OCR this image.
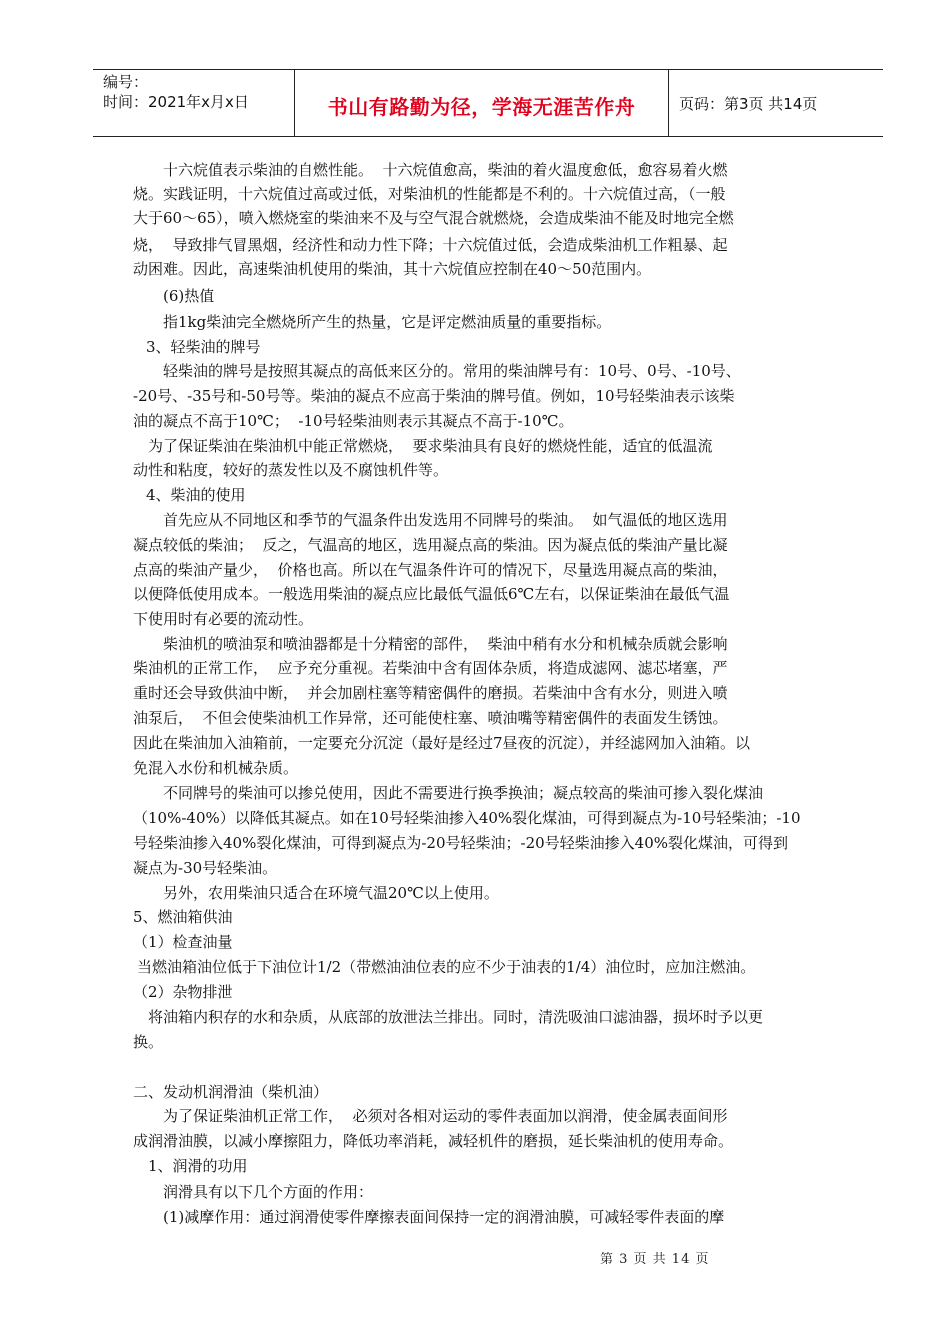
编号：
时间：2021年x月x日	书山有路勤为径，学海无涯苦作舟	页码：第3页 共14页
十六烷值表示柴油的自燃性能。  十六烷值愈高，柴油的着火温度愈低，愈容易着火燃
烧。实践证明，十六烷值过高或过低，对柴油机的性能都是不利的。十六烷值过高，（一般
大于60～65），喷入燃烧室的柴油来不及与空气混合就燃烧，会造成柴油不能及时地完全燃
烧，  导致排气冒黑烟，经济性和动力性下降；十六烷值过低，会造成柴油机工作粗暴、起
动困难。因此，高速柴油机使用的柴油，其十六烷值应控制在40～50范围内。
(6)热值
指1kg柴油完全燃烧所产生的热量，它是评定燃油质量的重要指标。
3、轻柴油的牌号
轻柴油的牌号是按照其凝点的高低来区分的。常用的柴油牌号有：10号、0号、-10号、
-20号、-35号和-50号等。柴油的凝点不应高于柴油的牌号值。例如，10号轻柴油表示该柴
油的凝点不高于10℃；  -10号轻柴油则表示其凝点不高于-10℃。
为了保证柴油在柴油机中能正常燃烧，  要求柴油具有良好的燃烧性能，适宜的低温流
动性和粘度，较好的蒸发性以及不腐蚀机件等。
4、柴油的使用
首先应从不同地区和季节的气温条件出发选用不同牌号的柴油。  如气温低的地区选用
凝点较低的柴油；  反之，气温高的地区，选用凝点高的柴油。因为凝点低的柴油产量比凝
点高的柴油产量少，  价格也高。所以在气温条件许可的情况下，尽量选用凝点高的柴油，
以便降低使用成本。一般选用柴油的凝点应比最低气温低6℃左右，以保证柴油在最低气温
下使用时有必要的流动性。
柴油机的喷油泵和喷油器都是十分精密的部件，  柴油中稍有水分和机械杂质就会影响
柴油机的正常工作，  应予充分重视。若柴油中含有固体杂质，将造成滤网、滤芯堵塞，严
重时还会导致供油中断，  并会加剧柱塞等精密偶件的磨损。若柴油中含有水分，则进入喷
油泵后，  不但会使柴油机工作异常，还可能使柱塞、喷油嘴等精密偶件的表面发生锈蚀。
因此在柴油加入油箱前，一定要充分沉淀（最好是经过7昼夜的沉淀），并经滤网加入油箱。以
免混入水份和机械杂质。
不同牌号的柴油可以掺兑使用，因此不需要进行换季换油；凝点较高的柴油可掺入裂化煤油
（10%-40%）以降低其凝点。如在10号轻柴油掺入40%裂化煤油，可得到凝点为-10号轻柴油；-10
号轻柴油掺入40%裂化煤油，可得到凝点为-20号轻柴油；-20号轻柴油掺入40%裂化煤油，可得到
凝点为-30号轻柴油。
另外，农用柴油只适合在环境气温20℃以上使用。
5、燃油箱供油
（1）检查油量
当燃油箱油位低于下油位计1/2（带燃油油位表的应不少于油表的1/4）油位时，应加注燃油。
（2）杂物排泄
将油箱内积存的水和杂质，从底部的放泄法兰排出。同时，清洗吸油口滤油器，损坏时予以更
换。
二、发动机润滑油（柴机油）
为了保证柴油机正常工作，  必须对各相对运动的零件表面加以润滑，使金属表面间形
成润滑油膜，以减小摩擦阻力，降低功率消耗，减轻机件的磨损，延长柴油机的使用寿命。
1、润滑的功用
润滑具有以下几个方面的作用：
(1)减摩作用：通过润滑使零件摩擦表面间保持一定的润滑油膜，可减轻零件表面的摩
第 3 页 共 14 页
